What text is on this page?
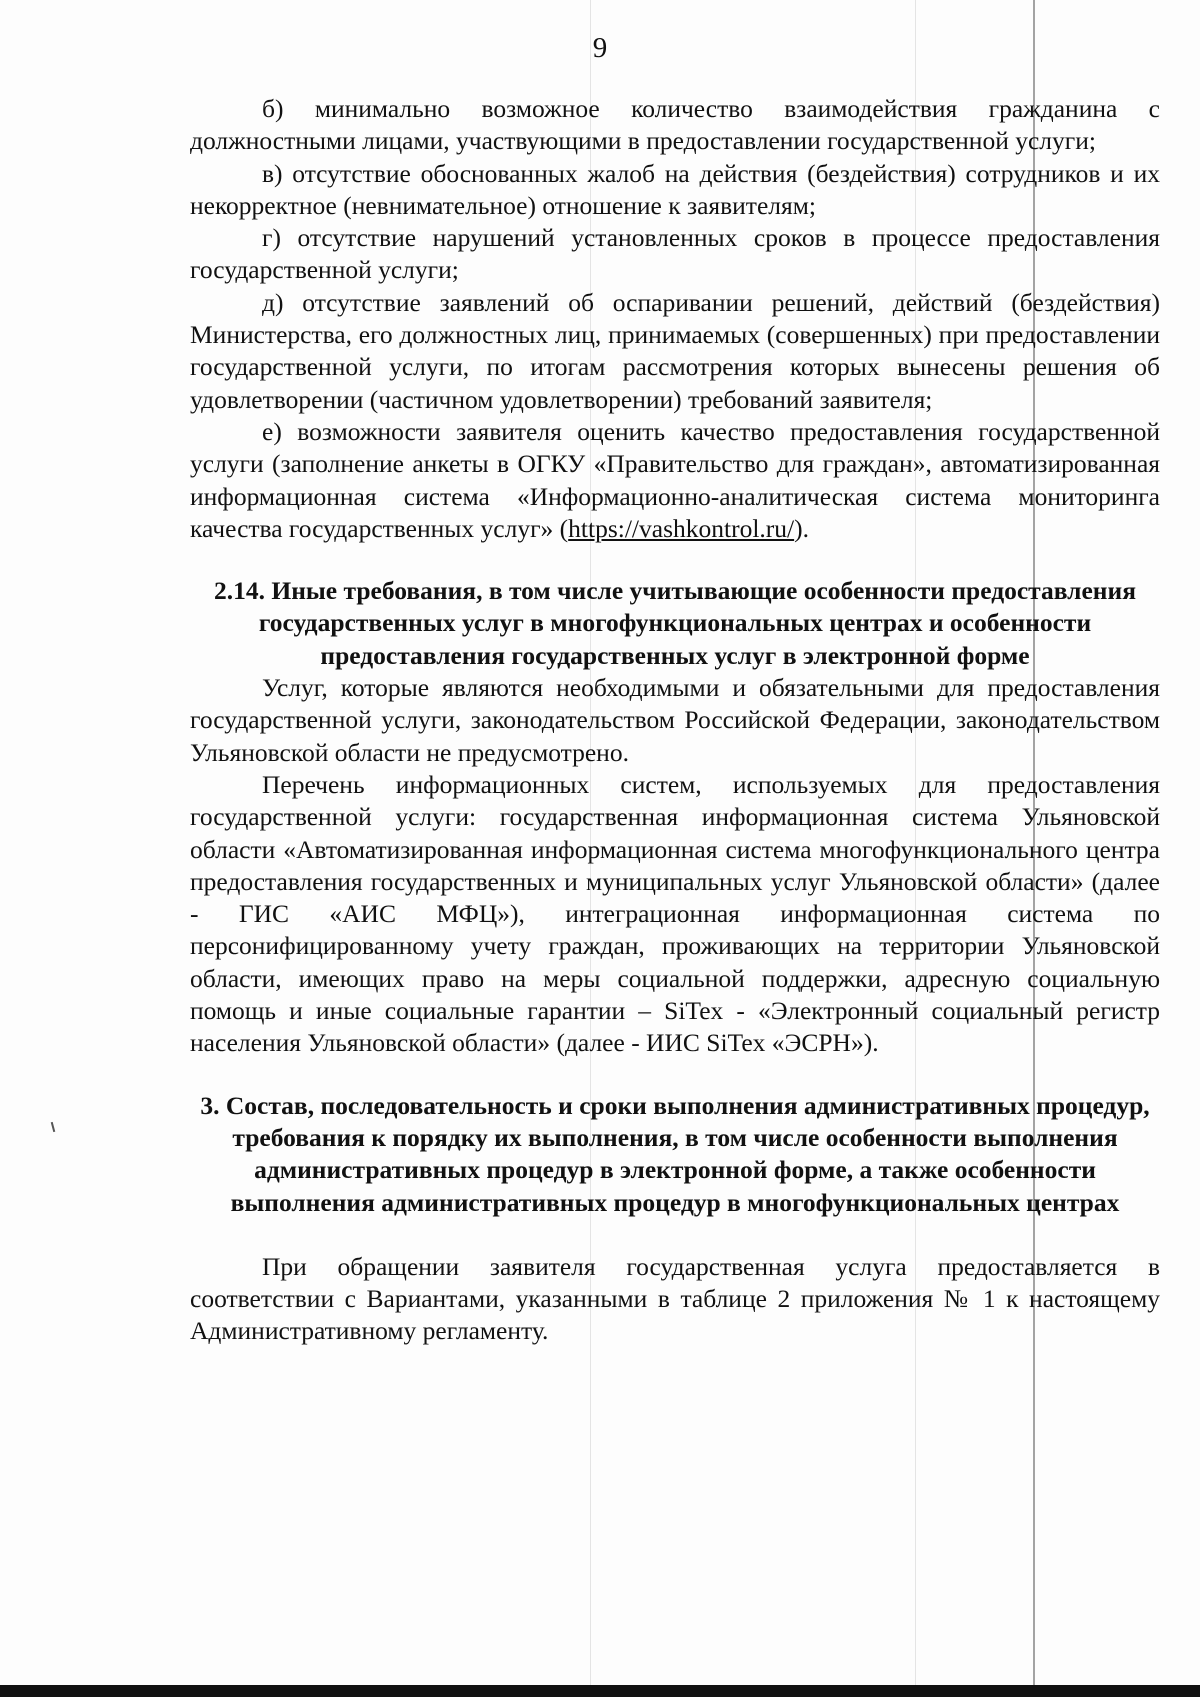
9

б) минимально возможное количество взаимодействия гражданина с должностными лицами, участвующими в предоставлении государственной услуги;

в) отсутствие обоснованных жалоб на действия (бездействия) сотрудников и их некорректное (невнимательное) отношение к заявителям;

г) отсутствие нарушений установленных сроков в процессе предоставления государственной услуги;

д) отсутствие заявлений об оспаривании решений, действий (бездействия) Министерства, его должностных лиц, принимаемых (совершенных) при предоставлении государственной услуги, по итогам рассмотрения которых вынесены решения об удовлетворении (частичном удовлетворении) требований заявителя;

е) возможности заявителя оценить качество предоставления государственной услуги (заполнение анкеты в ОГКУ «Правительство для граждан», автоматизированная информационная система «Информационно-аналитическая система мониторинга качества государственных услуг» (https://vashkontrol.ru/).

2.14. Иные требования, в том числе учитывающие особенности предоставления государственных услуг в многофункциональных центрах и особенности предоставления государственных услуг в электронной форме

Услуг, которые являются необходимыми и обязательными для предоставления государственной услуги, законодательством Российской Федерации, законодательством Ульяновской области не предусмотрено.

Перечень информационных систем, используемых для предоставления государственной услуги: государственная информационная система Ульяновской области «Автоматизированная информационная система многофункционального центра предоставления государственных и муниципальных услуг Ульяновской области» (далее - ГИС «АИС МФЦ»), интеграционная информационная система по персонифицированному учету граждан, проживающих на территории Ульяновской области, имеющих право на меры социальной поддержки, адресную социальную помощь и иные социальные гарантии – SiTex - «Электронный социальный регистр населения Ульяновской области» (далее - ИИС SiTex «ЭСРН»).

3. Состав, последовательность и сроки выполнения административных процедур, требования к порядку их выполнения, в том числе особенности выполнения административных процедур в электронной форме, а также особенности выполнения административных процедур в многофункциональных центрах

При обращении заявителя государственная услуга предоставляется в соответствии с Вариантами, указанными в таблице 2 приложения № 1 к настоящему Административному регламенту.
